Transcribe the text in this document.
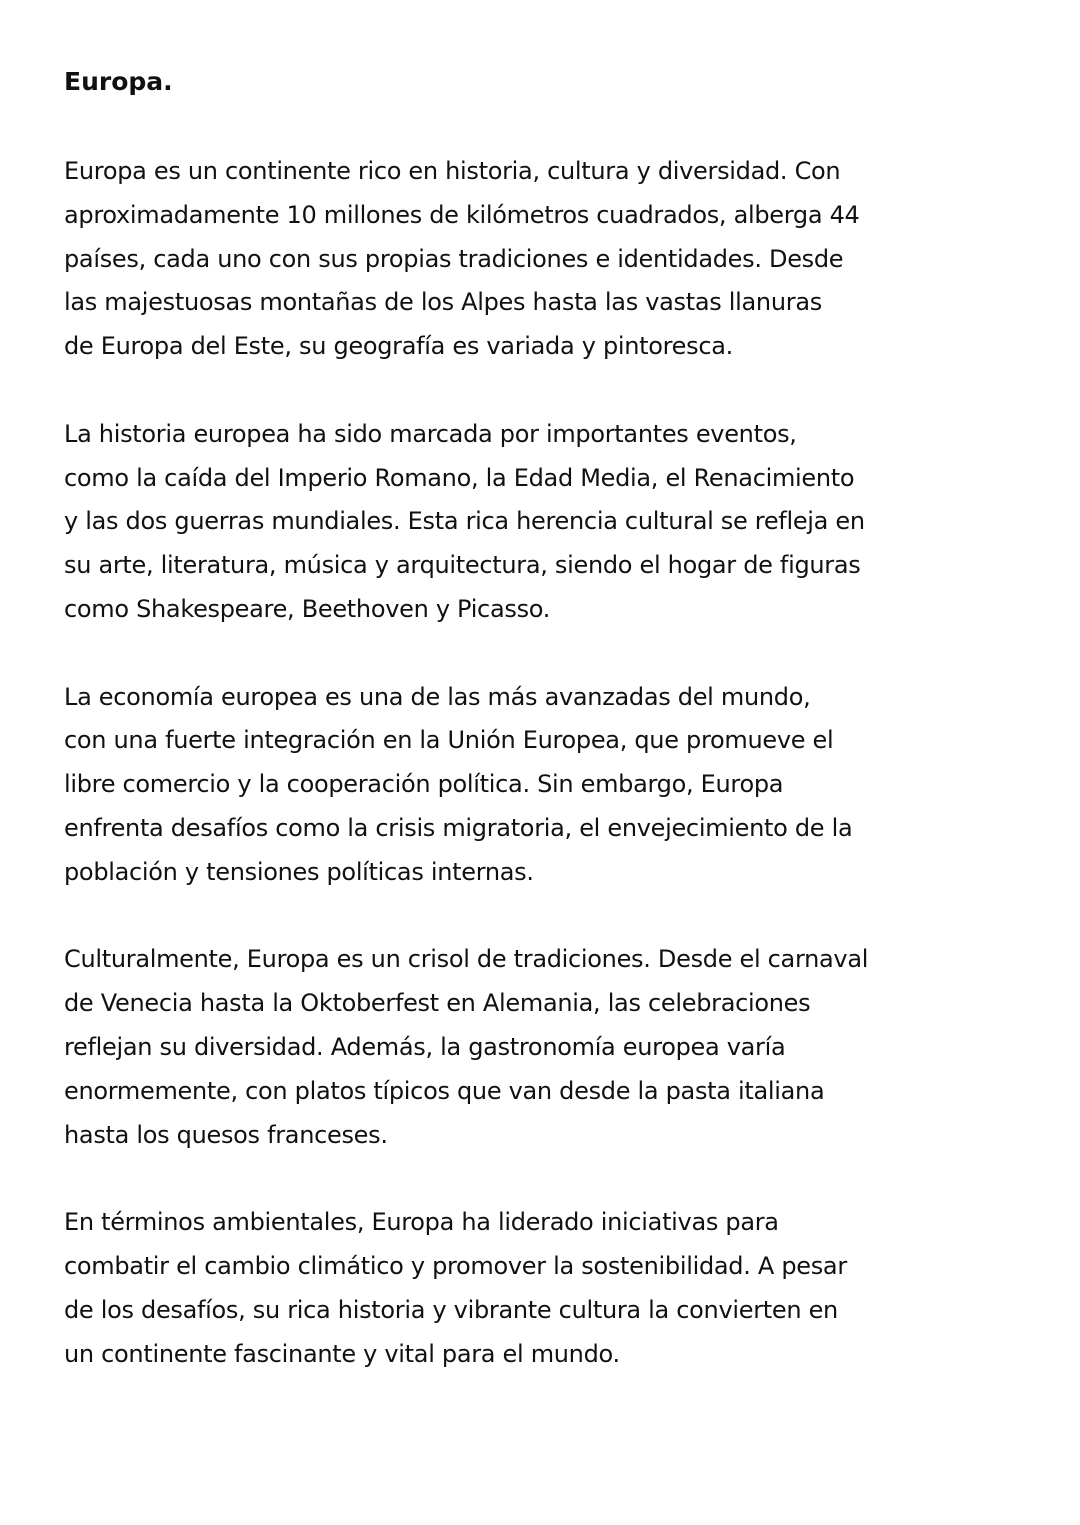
Europa.

Europa es un continente rico en historia, cultura y diversidad. Con
aproximadamente 10 millones de kilómetros cuadrados, alberga 44
países, cada uno con sus propias tradiciones e identidades. Desde
las majestuosas montañas de los Alpes hasta las vastas llanuras
de Europa del Este, su geografía es variada y pintoresca.

La historia europea ha sido marcada por importantes eventos,
como la caída del Imperio Romano, la Edad Media, el Renacimiento
y las dos guerras mundiales. Esta rica herencia cultural se refleja en
su arte, literatura, música y arquitectura, siendo el hogar de figuras
como Shakespeare, Beethoven y Picasso.

La economía europea es una de las más avanzadas del mundo,
con una fuerte integración en la Unión Europea, que promueve el
libre comercio y la cooperación política. Sin embargo, Europa
enfrenta desafíos como la crisis migratoria, el envejecimiento de la
población y tensiones políticas internas.

Culturalmente, Europa es un crisol de tradiciones. Desde el carnaval
de Venecia hasta la Oktoberfest en Alemania, las celebraciones
reflejan su diversidad. Además, la gastronomía europea varía
enormemente, con platos típicos que van desde la pasta italiana
hasta los quesos franceses.

En términos ambientales, Europa ha liderado iniciativas para
combatir el cambio climático y promover la sostenibilidad. A pesar
de los desafíos, su rica historia y vibrante cultura la convierten en
un continente fascinante y vital para el mundo.
